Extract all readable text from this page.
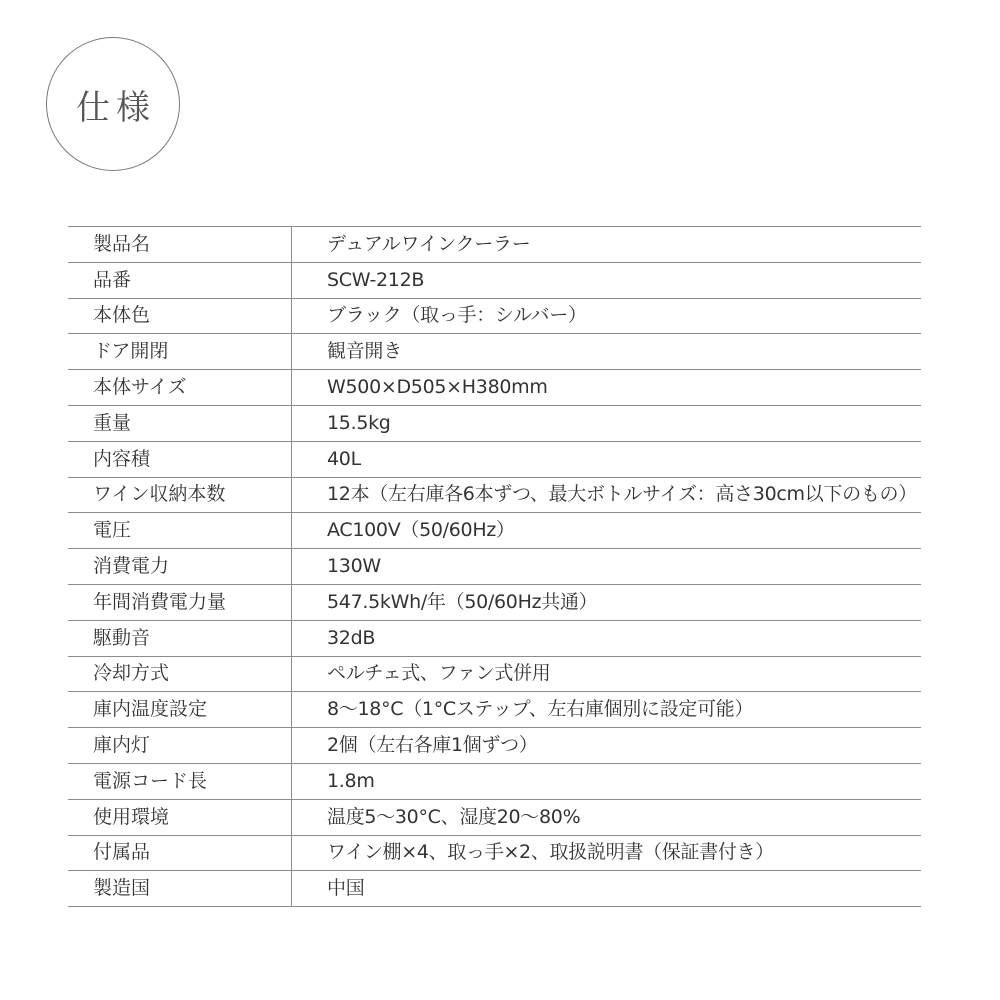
仕様
製品名	デュアルワインクーラー
品番	SCW-212B
本体色	ブラック（取っ手：シルバー）
ドア開閉	観音開き
本体サイズ	W500×D505×H380mm
重量	15.5kg
内容積	40L
ワイン収納本数	12本（左右庫各6本ずつ、最大ボトルサイズ：高さ30cm以下のもの）
電圧	AC100V（50/60Hz）
消費電力	130W
年間消費電力量	547.5kWh/年（50/60Hz共通）
駆動音	32dB
冷却方式	ペルチェ式、ファン式併用
庫内温度設定	8〜18°C（1°Cステップ、左右庫個別に設定可能）
庫内灯	2個（左右各庫1個ずつ）
電源コード長	1.8m
使用環境	温度5〜30°C、湿度20〜80%
付属品	ワイン棚×4、取っ手×2、取扱説明書（保証書付き）
製造国	中国
